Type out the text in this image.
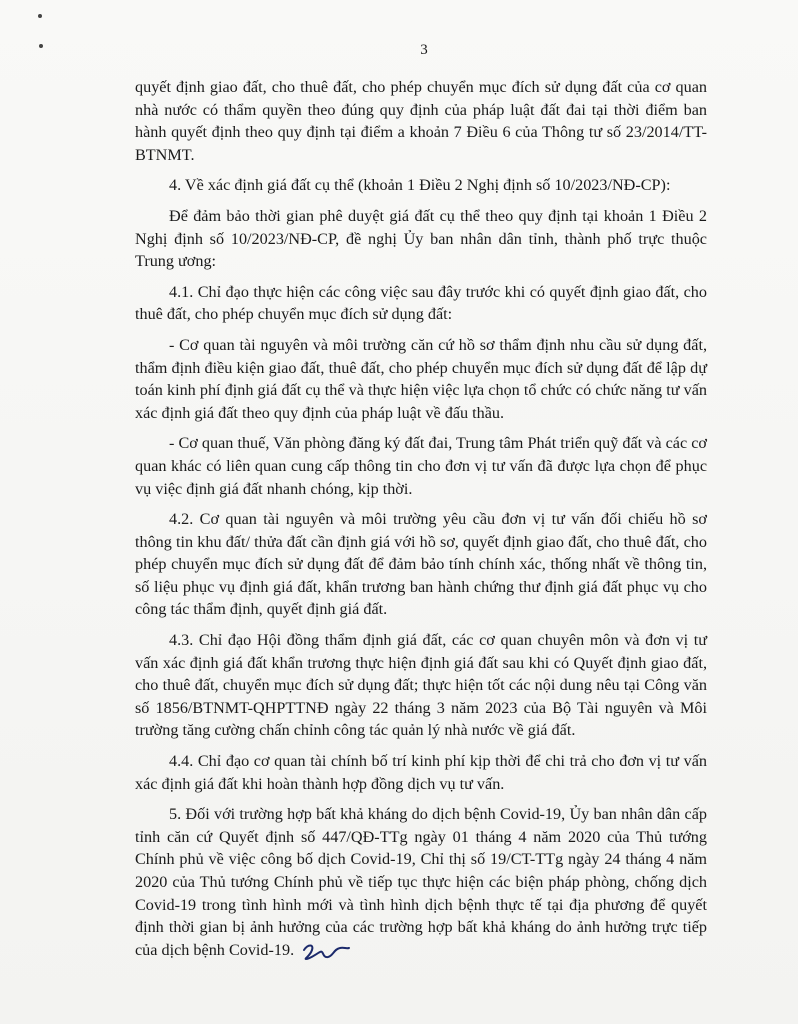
3

quyết định giao đất, cho thuê đất, cho phép chuyển mục đích sử dụng đất của cơ quan nhà nước có thẩm quyền theo đúng quy định của pháp luật đất đai tại thời điểm ban hành quyết định theo quy định tại điểm a khoản 7 Điều 6 của Thông tư số 23/2014/TT-BTNMT.

4. Về xác định giá đất cụ thể (khoản 1 Điều 2 Nghị định số 10/2023/NĐ-CP):

Để đảm bảo thời gian phê duyệt giá đất cụ thể theo quy định tại khoản 1 Điều 2 Nghị định số 10/2023/NĐ-CP, đề nghị Ủy ban nhân dân tỉnh, thành phố trực thuộc Trung ương:

4.1. Chỉ đạo thực hiện các công việc sau đây trước khi có quyết định giao đất, cho thuê đất, cho phép chuyển mục đích sử dụng đất:

- Cơ quan tài nguyên và môi trường căn cứ hồ sơ thẩm định nhu cầu sử dụng đất, thẩm định điều kiện giao đất, thuê đất, cho phép chuyển mục đích sử dụng đất để lập dự toán kinh phí định giá đất cụ thể và thực hiện việc lựa chọn tổ chức có chức năng tư vấn xác định giá đất theo quy định của pháp luật về đấu thầu.

- Cơ quan thuế, Văn phòng đăng ký đất đai, Trung tâm Phát triển quỹ đất và các cơ quan khác có liên quan cung cấp thông tin cho đơn vị tư vấn đã được lựa chọn để phục vụ việc định giá đất nhanh chóng, kịp thời.

4.2. Cơ quan tài nguyên và môi trường yêu cầu đơn vị tư vấn đối chiếu hồ sơ thông tin khu đất/ thửa đất cần định giá với hồ sơ, quyết định giao đất, cho thuê đất, cho phép chuyển mục đích sử dụng đất để đảm bảo tính chính xác, thống nhất về thông tin, số liệu phục vụ định giá đất, khẩn trương ban hành chứng thư định giá đất phục vụ cho công tác thẩm định, quyết định giá đất.

4.3. Chỉ đạo Hội đồng thẩm định giá đất, các cơ quan chuyên môn và đơn vị tư vấn xác định giá đất khẩn trương thực hiện định giá đất sau khi có Quyết định giao đất, cho thuê đất, chuyển mục đích sử dụng đất; thực hiện tốt các nội dung nêu tại Công văn số 1856/BTNMT-QHPTTNĐ ngày 22 tháng 3 năm 2023 của Bộ Tài nguyên và Môi trường tăng cường chấn chỉnh công tác quản lý nhà nước về giá đất.

4.4. Chỉ đạo cơ quan tài chính bố trí kinh phí kịp thời để chi trả cho đơn vị tư vấn xác định giá đất khi hoàn thành hợp đồng dịch vụ tư vấn.

5. Đối với trường hợp bất khả kháng do dịch bệnh Covid-19, Ủy ban nhân dân cấp tỉnh căn cứ Quyết định số 447/QĐ-TTg ngày 01 tháng 4 năm 2020 của Thủ tướng Chính phủ về việc công bố dịch Covid-19, Chỉ thị số 19/CT-TTg ngày 24 tháng 4 năm 2020 của Thủ tướng Chính phủ về tiếp tục thực hiện các biện pháp phòng, chống dịch Covid-19 trong tình hình mới và tình hình dịch bệnh thực tế tại địa phương để quyết định thời gian bị ảnh hưởng của các trường hợp bất khả kháng do ảnh hưởng trực tiếp của dịch bệnh Covid-19.
